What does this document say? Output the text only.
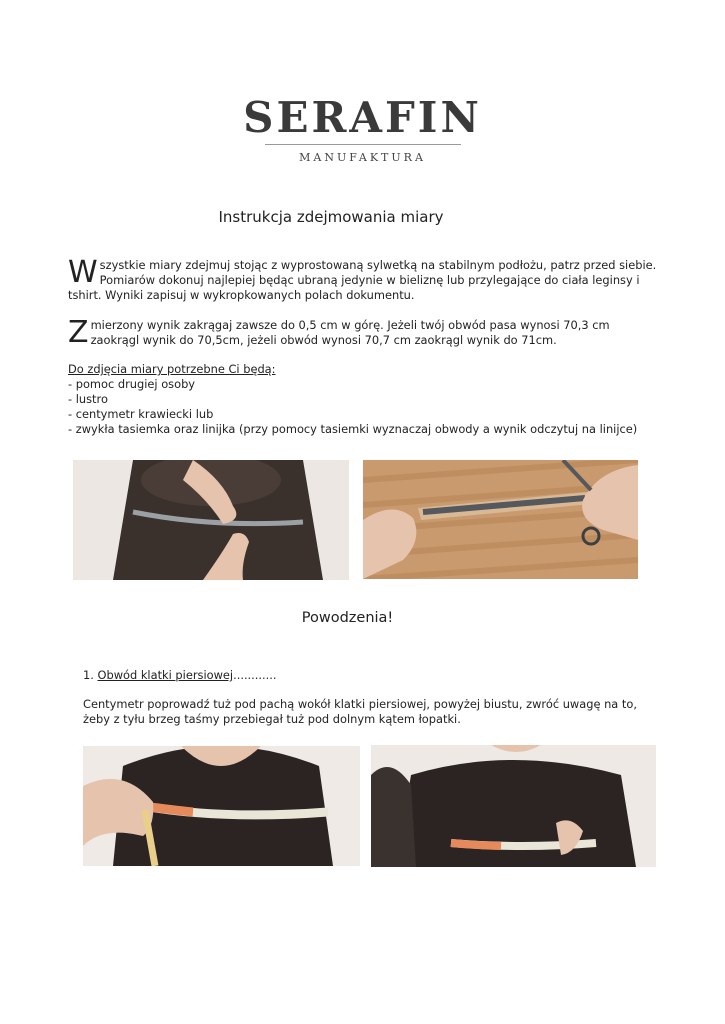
SERAFIN
MANUFAKTURA
Instrukcja zdejmowania miary
W szystkie miary zdejmuj stojąc z wyprostowaną sylwetką na stabilnym podłożu, patrz przed siebie. Pomiarów dokonuj najlepiej będąc ubraną jedynie w bieliznę lub przylegające do ciała leginsy i tshirt. Wyniki zapisuj w wykropkowanych polach dokumentu.
Z mierzony wynik zakrągaj zawsze do 0,5 cm w górę. Jeżeli twój obwód pasa wynosi 70,3 cm zaokrągl wynik do 70,5cm, jeżeli obwód wynosi 70,7 cm zaokrągl wynik do 71cm.
Do zdjęcia miary potrzebne Ci będą:
- pomoc drugiej osoby
- lustro
- centymetr krawiecki lub
- zwykła tasiemka oraz linijka (przy pomocy tasiemki wyznaczaj obwody a wynik odczytuj na linijce)
Powodzenia!
1. Obwód klatki piersiowej............
Centymetr poprowadź tuż pod pachą wokół klatki piersiowej, powyżej biustu, zwróć uwagę na to, żeby z tyłu brzeg taśmy przebiegał tuż pod dolnym kątem łopatki.
